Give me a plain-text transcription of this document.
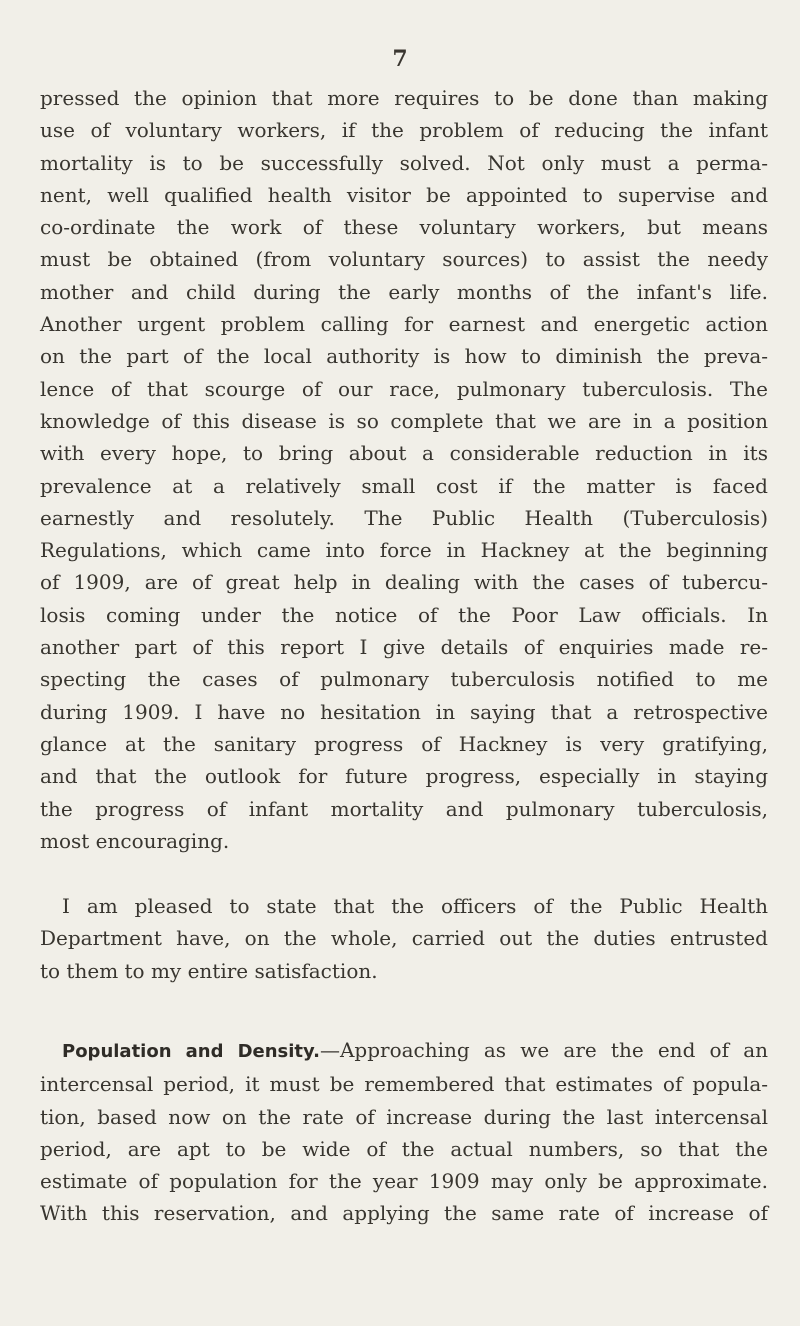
7

pressed the opinion that more requires to be done than making
use of voluntary workers, if the problem of reducing the infant
mortality is to be successfully solved. Not only must a perma-
nent, well qualified health visitor be appointed to supervise and
co-ordinate the work of these voluntary workers, but means
must be obtained (from voluntary sources) to assist the needy
mother and child during the early months of the infant's life.
Another urgent problem calling for earnest and energetic action
on the part of the local authority is how to diminish the preva-
lence of that scourge of our race, pulmonary tuberculosis. The
knowledge of this disease is so complete that we are in a position
with every hope, to bring about a considerable reduction in its
prevalence at a relatively small cost if the matter is faced
earnestly and resolutely. The Public Health (Tuberculosis)
Regulations, which came into force in Hackney at the beginning
of 1909, are of great help in dealing with the cases of tubercu-
losis coming under the notice of the Poor Law officials. In
another part of this report I give details of enquiries made re-
specting the cases of pulmonary tuberculosis notified to me
during 1909. I have no hesitation in saying that a retrospective
glance at the sanitary progress of Hackney is very gratifying,
and that the outlook for future progress, especially in staying
the progress of infant mortality and pulmonary tuberculosis,
most encouraging.

I am pleased to state that the officers of the Public Health
Department have, on the whole, carried out the duties entrusted
to them to my entire satisfaction.

Population and Density.—Approaching as we are the end of an
intercensal period, it must be remembered that estimates of popula-
tion, based now on the rate of increase during the last intercensal
period, are apt to be wide of the actual numbers, so that the
estimate of population for the year 1909 may only be approximate.
With this reservation, and applying the same rate of increase of
